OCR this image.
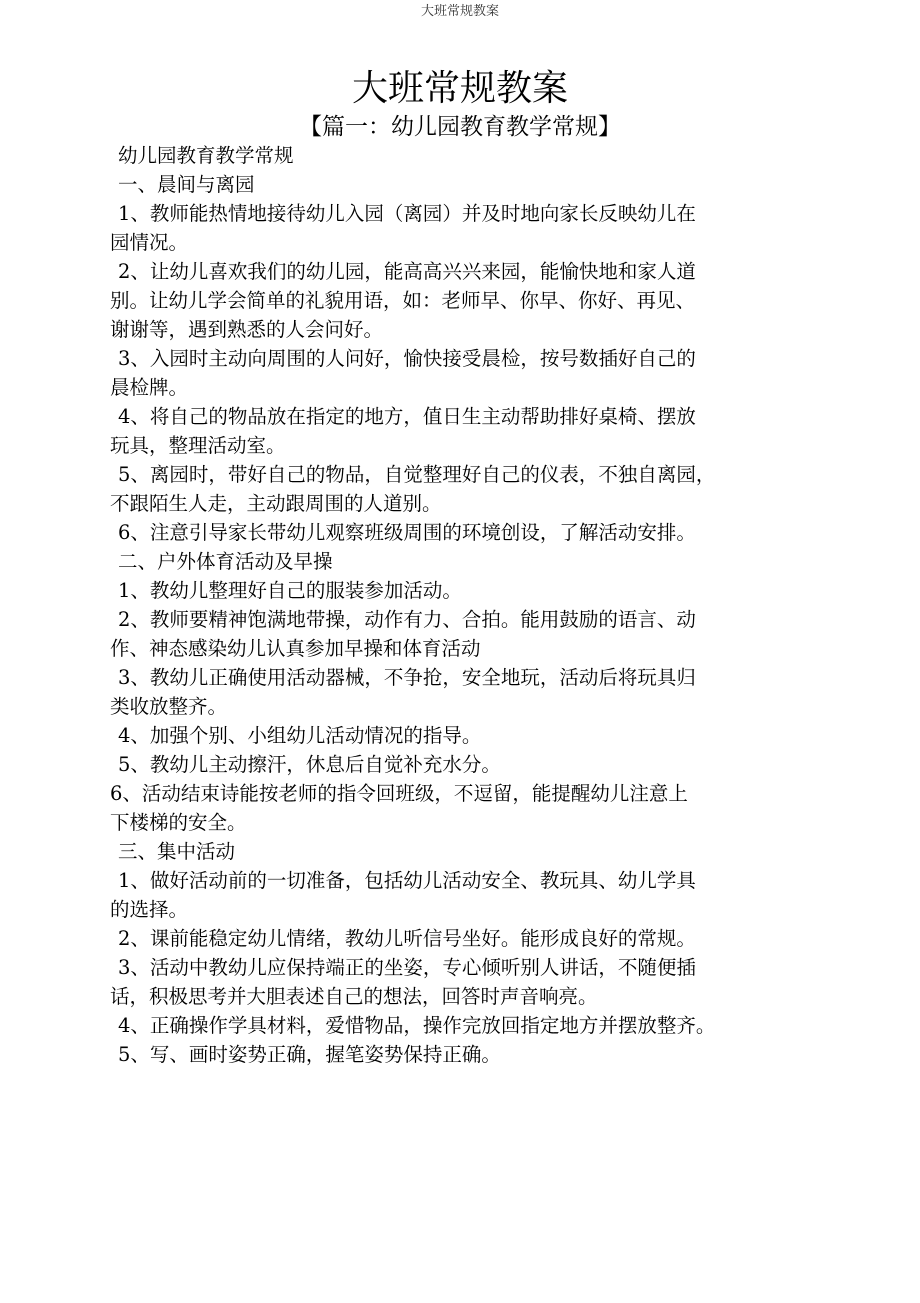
大班常规教案
大班常规教案
【篇一：幼儿园教育教学常规】
幼儿园教育教学常规
一、晨间与离园
1、教师能热情地接待幼儿入园（离园）并及时地向家长反映幼儿在
园情况。
2、让幼儿喜欢我们的幼儿园，能高高兴兴来园，能愉快地和家人道
别。让幼儿学会简单的礼貌用语，如：老师早、你早、你好、再见、
谢谢等，遇到熟悉的人会问好。
3、入园时主动向周围的人问好，愉快接受晨检，按号数插好自己的
晨检牌。
4、将自己的物品放在指定的地方，值日生主动帮助排好桌椅、摆放
玩具，整理活动室。
5、离园时，带好自己的物品，自觉整理好自己的仪表，不独自离园，
不跟陌生人走，主动跟周围的人道别。
6、注意引导家长带幼儿观察班级周围的环境创设，了解活动安排。
二、户外体育活动及早操
1、教幼儿整理好自己的服装参加活动。
2、教师要精神饱满地带操，动作有力、合拍。能用鼓励的语言、动
作、神态感染幼儿认真参加早操和体育活动
3、教幼儿正确使用活动器械，不争抢，安全地玩，活动后将玩具归
类收放整齐。
4、加强个别、小组幼儿活动情况的指导。
5、教幼儿主动擦汗，休息后自觉补充水分。
6、活动结束诗能按老师的指令回班级，不逗留，能提醒幼儿注意上
下楼梯的安全。
三、集中活动
1、做好活动前的一切准备，包括幼儿活动安全、教玩具、幼儿学具
的选择。
2、课前能稳定幼儿情绪，教幼儿听信号坐好。能形成良好的常规。
3、活动中教幼儿应保持端正的坐姿，专心倾听别人讲话，不随便插
话，积极思考并大胆表述自己的想法，回答时声音响亮。
4、正确操作学具材料，爱惜物品，操作完放回指定地方并摆放整齐。
5、写、画时姿势正确，握笔姿势保持正确。
